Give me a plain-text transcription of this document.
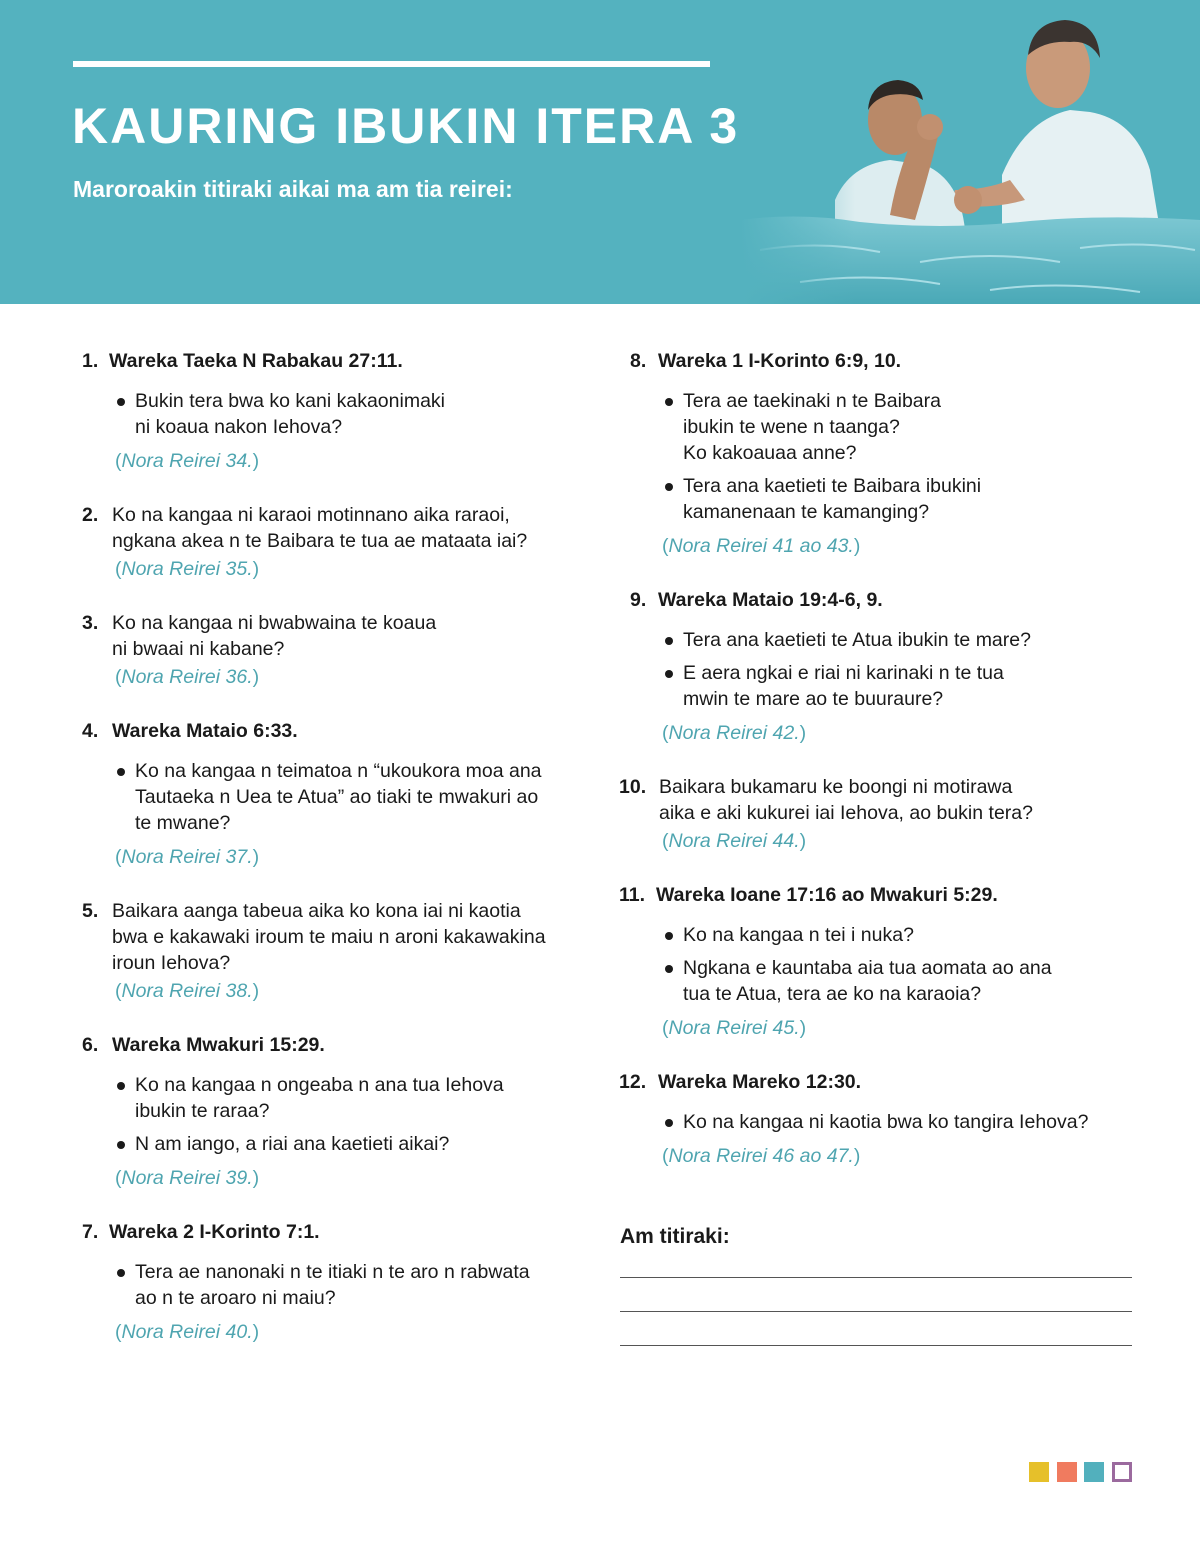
KAURING IBUKIN ITERA 3
Maroroakin titiraki aikai ma am tia reirei:
1. Wareka Taeka N Rabakau 27:11.
Bukin tera bwa ko kani kakaonimaki
ni koaua nakon Iehova?
(Nora Reirei 34.)
2. Ko na kangaa ni karaoi motinnano aika raraoi,
ngkana akea n te Baibara te tua ae mataata iai?
(Nora Reirei 35.)
3. Ko na kangaa ni bwabwaina te koaua
ni bwaai ni kabane?
(Nora Reirei 36.)
4. Wareka Mataio 6:33.
Ko na kangaa n teimatoa n “ukoukora moa ana
Tautaeka n Uea te Atua” ao tiaki te mwakuri ao
te mwane?
(Nora Reirei 37.)
5. Baikara aanga tabeua aika ko kona iai ni kaotia
bwa e kakawaki iroum te maiu n aroni kakawakina
iroun Iehova?
(Nora Reirei 38.)
6. Wareka Mwakuri 15:29.
Ko na kangaa n ongeaba n ana tua Iehova
ibukin te raraa?
N am iango, a riai ana kaetieti aikai?
(Nora Reirei 39.)
7. Wareka 2 I-Korinto 7:1.
Tera ae nanonaki n te itiaki n te aro n rabwata
ao n te aroaro ni maiu?
(Nora Reirei 40.)
8. Wareka 1 I-Korinto 6:9, 10.
Tera ae taekinaki n te Baibara
ibukin te wene n taanga?
Ko kakoauaa anne?
Tera ana kaetieti te Baibara ibukini
kamanenaan te kamanging?
(Nora Reirei 41 ao 43.)
9. Wareka Mataio 19:4-6, 9.
Tera ana kaetieti te Atua ibukin te mare?
E aera ngkai e riai ni karinaki n te tua
mwin te mare ao te buuraure?
(Nora Reirei 42.)
10. Baikara bukamaru ke boongi ni motirawa
aika e aki kukurei iai Iehova, ao bukin tera?
(Nora Reirei 44.)
11. Wareka Ioane 17:16 ao Mwakuri 5:29.
Ko na kangaa n tei i nuka?
Ngkana e kauntaba aia tua aomata ao ana
tua te Atua, tera ae ko na karaoia?
(Nora Reirei 45.)
12. Wareka Mareko 12:30.
Ko na kangaa ni kaotia bwa ko tangira Iehova?
(Nora Reirei 46 ao 47.)
Am titiraki:
